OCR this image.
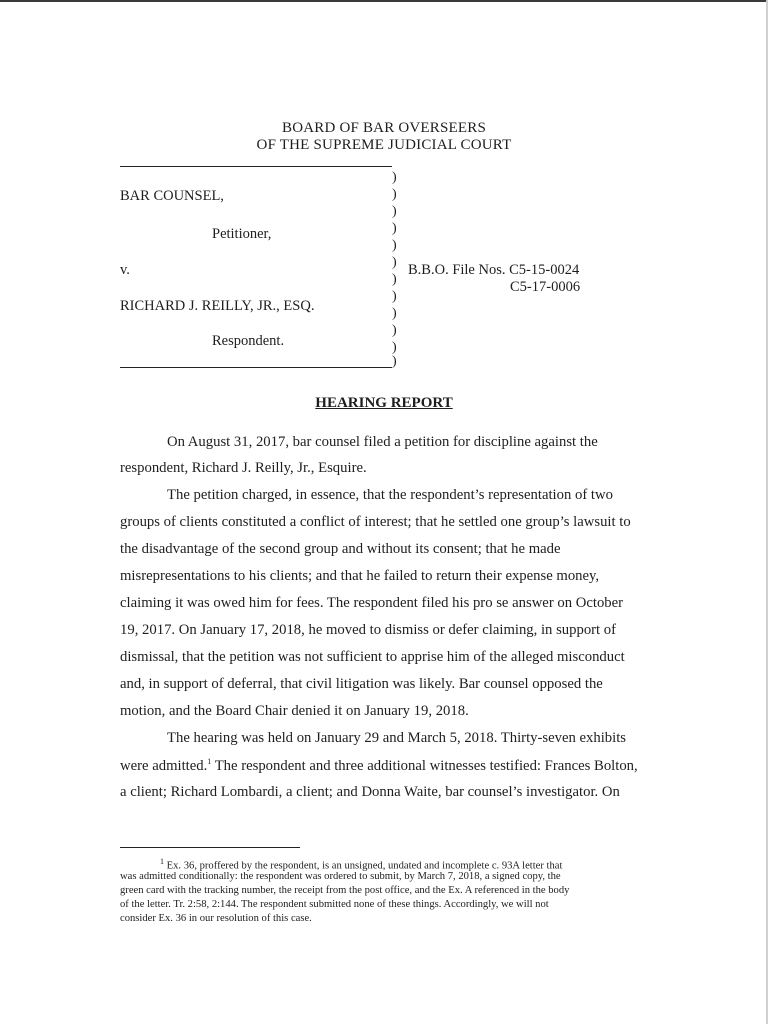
BOARD OF BAR OVERSEERS
OF THE SUPREME JUDICIAL COURT
)
)
)
)
)
)
)
)
)
)
)
)
BAR COUNSEL,
Petitioner,
v.
RICHARD J. REILLY, JR., ESQ.
Respondent.
B.B.O. File Nos. C5-15-0024
C5-17-0006
HEARING REPORT
On August 31, 2017, bar counsel filed a petition for discipline against the
respondent, Richard J. Reilly, Jr., Esquire.
The petition charged, in essence, that the respondent’s representation of two
groups of clients constituted a conflict of interest; that he settled one group’s lawsuit to
the disadvantage of the second group and without its consent; that he made
misrepresentations to his clients; and that he failed to return their expense money,
claiming it was owed him for fees. The respondent filed his pro se answer on October
19, 2017. On January 17, 2018, he moved to dismiss or defer claiming, in support of
dismissal, that the petition was not sufficient to apprise him of the alleged misconduct
and, in support of deferral, that civil litigation was likely. Bar counsel opposed the
motion, and the Board Chair denied it on January 19, 2018.
The hearing was held on January 29 and March 5, 2018. Thirty-seven exhibits
were admitted.$^1$ The respondent and three additional witnesses testified: Frances Bolton,
a client; Richard Lombardi, a client; and Donna Waite, bar counsel’s investigator. On
$^1$ Ex. 36, proffered by the respondent, is an unsigned, undated and incomplete c. 93A letter that
was admitted conditionally: the respondent was ordered to submit, by March 7, 2018, a signed copy, the
green card with the tracking number, the receipt from the post office, and the Ex. A referenced in the body
of the letter. Tr. 2:58, 2:144. The respondent submitted none of these things. Accordingly, we will not
consider Ex. 36 in our resolution of this case.
